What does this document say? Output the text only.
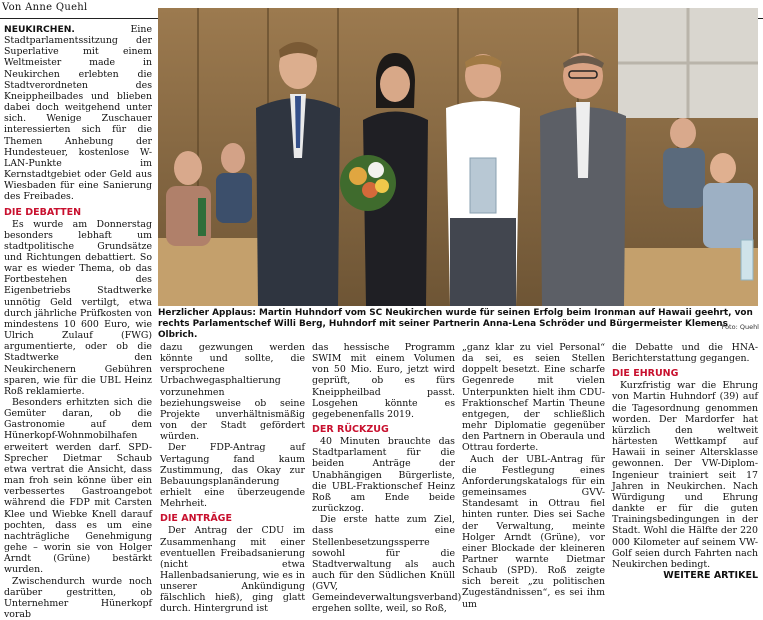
Von Anne Quehl

NEUKIRCHEN. Eine Stadtparlamentssitzung der Superlative mit einem Weltmeister made in Neukirchen erlebten die Stadtverordneten des Kneippheilbades und blieben dabei doch weitgehend unter sich. Wenige Zuschauer interessierten sich für die Themen Anhebung der Hundesteuer, kostenlose W-LAN-Punkte im Kernstadtgebiet oder Geld aus Wiesbaden für eine Sanierung des Freibades.

DIE DEBATTEN

Es wurde am Donnerstag besonders lebhaft um stadtpolitische Grundsätze und Richtungen debattiert. So war es wieder Thema, ob das Fortbestehen des Eigenbetriebs Stadtwerke unnötig Geld vertilgt, etwa durch jährliche Prüfkosten von mindestens 10 600 Euro, wie Ulrich Zulauf (FWG) argumentierte, oder ob die Stadtwerke den Neukirchenern Gebühren sparen, wie für die UBL Heinz Roß reklamierte.

Besonders erhitzten sich die Gemüter daran, ob die Gastronomie auf dem Hünerkopf-Wohnmobilhafen erweitert werden darf. SPD-Sprecher Dietmar Schaub etwa vertrat die Ansicht, dass man froh sein könne über ein verbessertes Gastroangebot während die FDP mit Carsten Klee und Wiebke Knell darauf pochten, dass es um eine nachträgliche Genehmigung gehe – worin sie von Holger Arndt (Grüne) bestärkt wurden.

Zwischendurch wurde noch darüber gestritten, ob Unternehmer Hünerkopf vorab

Herzlicher Applaus: Martin Huhndorf vom SC Neukirchen wurde für seinen Erfolg beim Ironman auf Hawaii geehrt, von rechts Parlamentschef Willi Berg, Huhndorf mit seiner Partnerin Anna-Lena Schröder und Bürgermeister Klemens Olbrich.
Foto: Quehl

dazu gezwungen werden könnte und sollte, die versprochene Urbachwegasphaltierung vorzunehmen beziehungsweise ob seine Projekte unverhältnismäßig von der Stadt gefördert würden.

Der FDP-Antrag auf Vertagung fand kaum Zustimmung, das Okay zur Bebauungsplanänderung erhielt eine überzeugende Mehrheit.

DIE ANTRÄGE

Der Antrag der CDU im Zusammenhang mit einer eventuellen Freibadsanierung (nicht etwa Hallenbadsanierung, wie es in unserer Ankündigung fälschlich hieß), ging glatt durch. Hintergrund ist

das hessische Programm SWIM mit einem Volumen von 50 Mio. Euro, jetzt wird geprüft, ob es fürs Kneippheilbad passt. Losgehen könnte es gegebenenfalls 2019.

DER RÜCKZUG

40 Minuten brauchte das Stadtparlament für die beiden Anträge der Unabhängigen Bürgerliste, die UBL-Fraktionschef Heinz Roß am Ende beide zurückzog.

Die erste hatte zum Ziel, dass eine Stellenbesetzungssperre sowohl für die Stadtverwaltung als auch auch für den Südlichen Knüll (GVV, Gemeindeverwaltungsverband) ergehen sollte, weil, so Roß,

„ganz klar zu viel Personal“ da sei, es seien Stellen doppelt besetzt. Eine scharfe Gegenrede mit vielen Unterpunkten hielt ihm CDU-Fraktionschef Martin Theune entgegen, der schließlich mehr Diplomatie gegenüber den Partnern in Oberaula und Ottrau forderte.

Auch der UBL-Antrag für die Festlegung eines Anforderungskatalogs für ein gemeinsames GVV-Standesamt in Ottrau fiel hinten runter. Dies sei Sache der Verwaltung, meinte Holger Arndt (Grüne), vor einer Blockade der kleineren Partner warnte Dietmar Schaub (SPD). Roß zeigte sich bereit „zu politischen Zugeständnissen“, es sei ihm um

die Debatte und die HNA-Berichterstattung gegangen.

DIE EHRUNG

Kurzfristig war die Ehrung von Martin Huhndorf (39) auf die Tagesordnung genommen worden. Der Mardorfer hat kürzlich den weltweit härtesten Wettkampf auf Hawaii in seiner Altersklasse gewonnen. Der VW-Diplom-Ingenieur trainiert seit 17 Jahren in Neukirchen. Nach Würdigung und Ehrung dankte er für die guten Trainingsbedingungen in der Stadt. Wohl die Hälfte der 220 000 Kilometer auf seinem VW-Golf seien durch Fahrten nach Neukirchen bedingt.

WEITERE ARTIKEL
